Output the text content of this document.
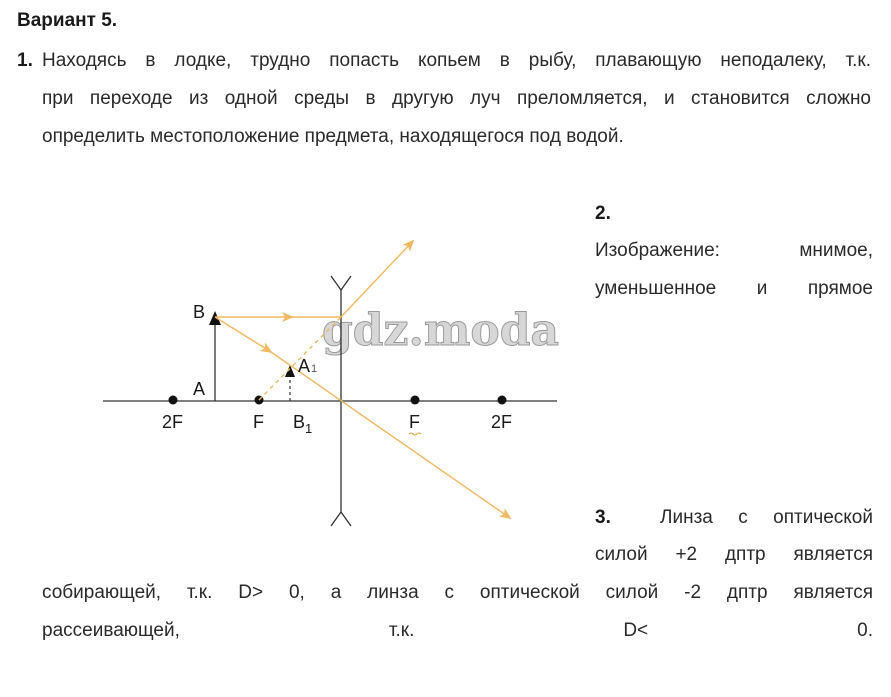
Вариант 5.
1. Находясь в лодке, трудно попасть копьем в рыбу, плавающую неподалеку, т.к.
при переходе из одной среды в другую луч преломляется, и становится сложно
определить местоположение предмета, находящегося под водой.
2.
Изображение: мнимое,
уменьшенное и прямое
3.	Линза с оптической
силой +2 дптр является
собирающей, т.к. D> 0, а линза с оптической силой -2 дптр является
рассеивающей, т.к. D< 0.
gdz.moda
B
A
A 1
B 1
2F	F	F	2F
